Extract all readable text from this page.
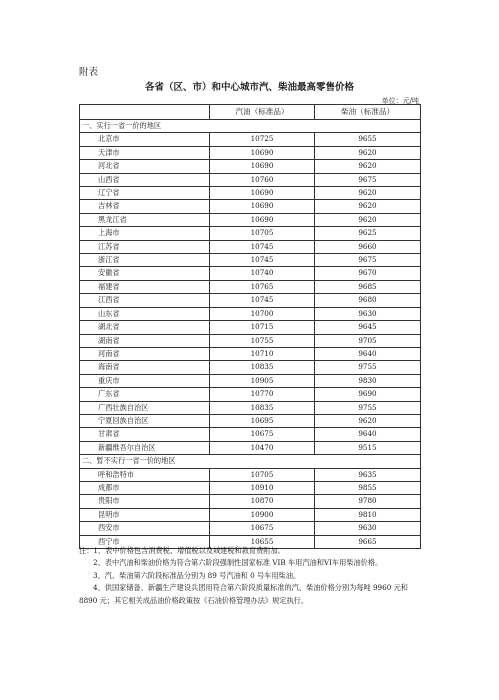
附表
各省（区、市）和中心城市汽、柴油最高零售价格
单位：元/吨
	汽油（标准品）	柴油（标准品）
一、实行一省一价的地区		
北京市	10725	9655
天津市	10690	9620
河北省	10690	9620
山西省	10760	9675
辽宁省	10690	9620
吉林省	10690	9620
黑龙江省	10690	9620
上海市	10705	9625
江苏省	10745	9660
浙江省	10745	9675
安徽省	10740	9670
福建省	10765	9685
江西省	10745	9680
山东省	10700	9630
湖北省	10715	9645
湖南省	10755	9705
河南省	10710	9640
海南省	10835	9755
重庆市	10905	9830
广东省	10770	9690
广西壮族自治区	10835	9755
宁夏回族自治区	10695	9620
甘肃省	10675	9640
新疆维吾尔自治区	10470	9515
二、暂不实行一省一价的地区		
呼和浩特市	10705	9635
成都市	10910	9855
贵阳市	10870	9780
昆明市	10900	9810
西安市	10675	9630
西宁市	10655	9665

注：1、表中价格包含消费税、增值税以及城建税和教育费附加。

2、表中汽油和柴油价格为符合第六阶段强制性国家标准 VIB 车用汽油和VI车用柴油价格。

3、汽、柴油第六阶段标准品分别为 89 号汽油和 0 号车用柴油。

4、供国家储备、新疆生产建设兵团用符合第六阶段质量标准的汽、柴油价格分别为每吨 9960 元和 8890 元；其它相关成品油价格政策按《石油价格管理办法》规定执行。
